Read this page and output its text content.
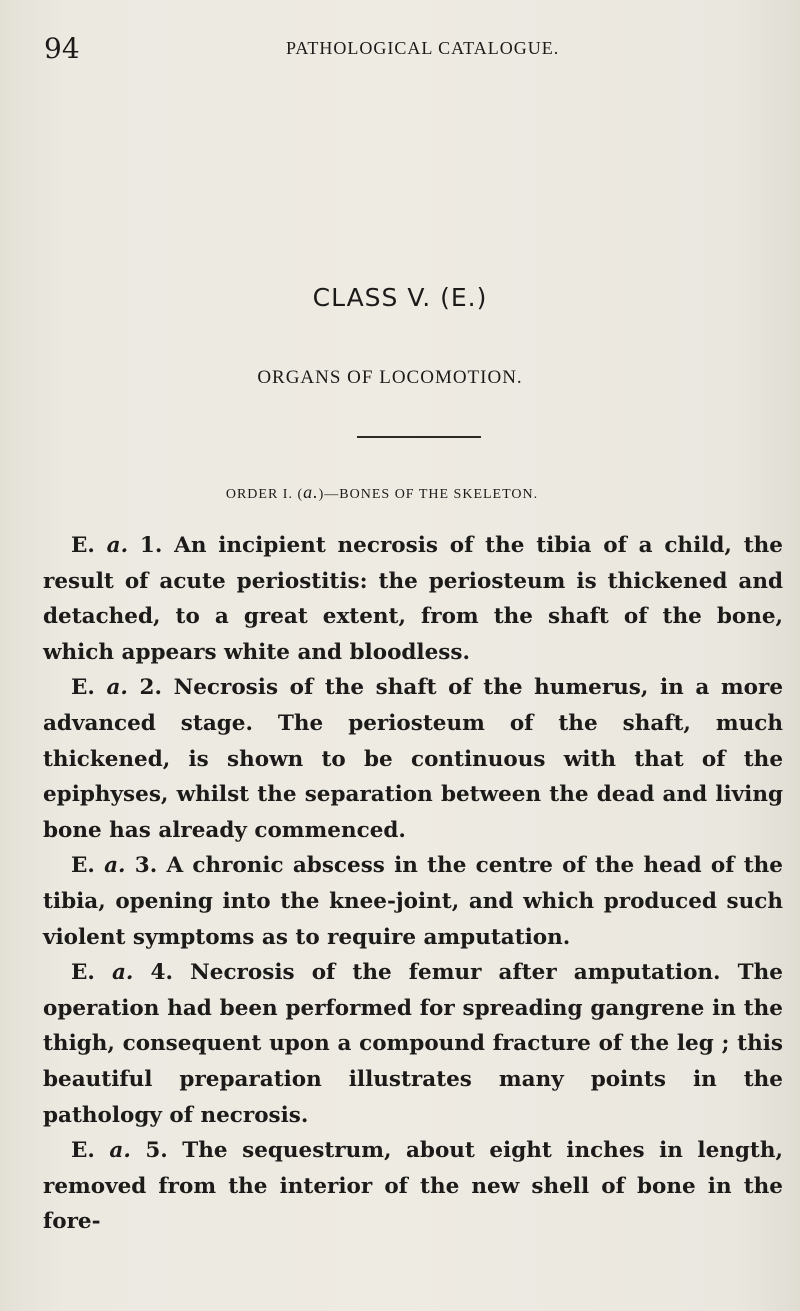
94	PATHOLOGICAL CATALOGUE.
CLASS V. (E.)
ORGANS OF LOCOMOTION.
ORDER I. (a.)—BONES OF THE SKELETON.

E. a. 1. An incipient necrosis of the tibia of a child, the result of acute periostitis: the periosteum is thickened and detached, to a great extent, from the shaft of the bone, which appears white and bloodless.

E. a. 2. Necrosis of the shaft of the humerus, in a more advanced stage. The periosteum of the shaft, much thickened, is shown to be continuous with that of the epiphyses, whilst the separation between the dead and living bone has already commenced.

E. a. 3. A chronic abscess in the centre of the head of the tibia, opening into the knee-joint, and which produced such violent symptoms as to require amputation.

E. a. 4. Necrosis of the femur after amputation. The operation had been performed for spreading gangrene in the thigh, consequent upon a compound fracture of the leg ; this beautiful preparation illustrates many points in the pathology of necrosis.

E. a. 5. The sequestrum, about eight inches in length, removed from the interior of the new shell of bone in the fore-
